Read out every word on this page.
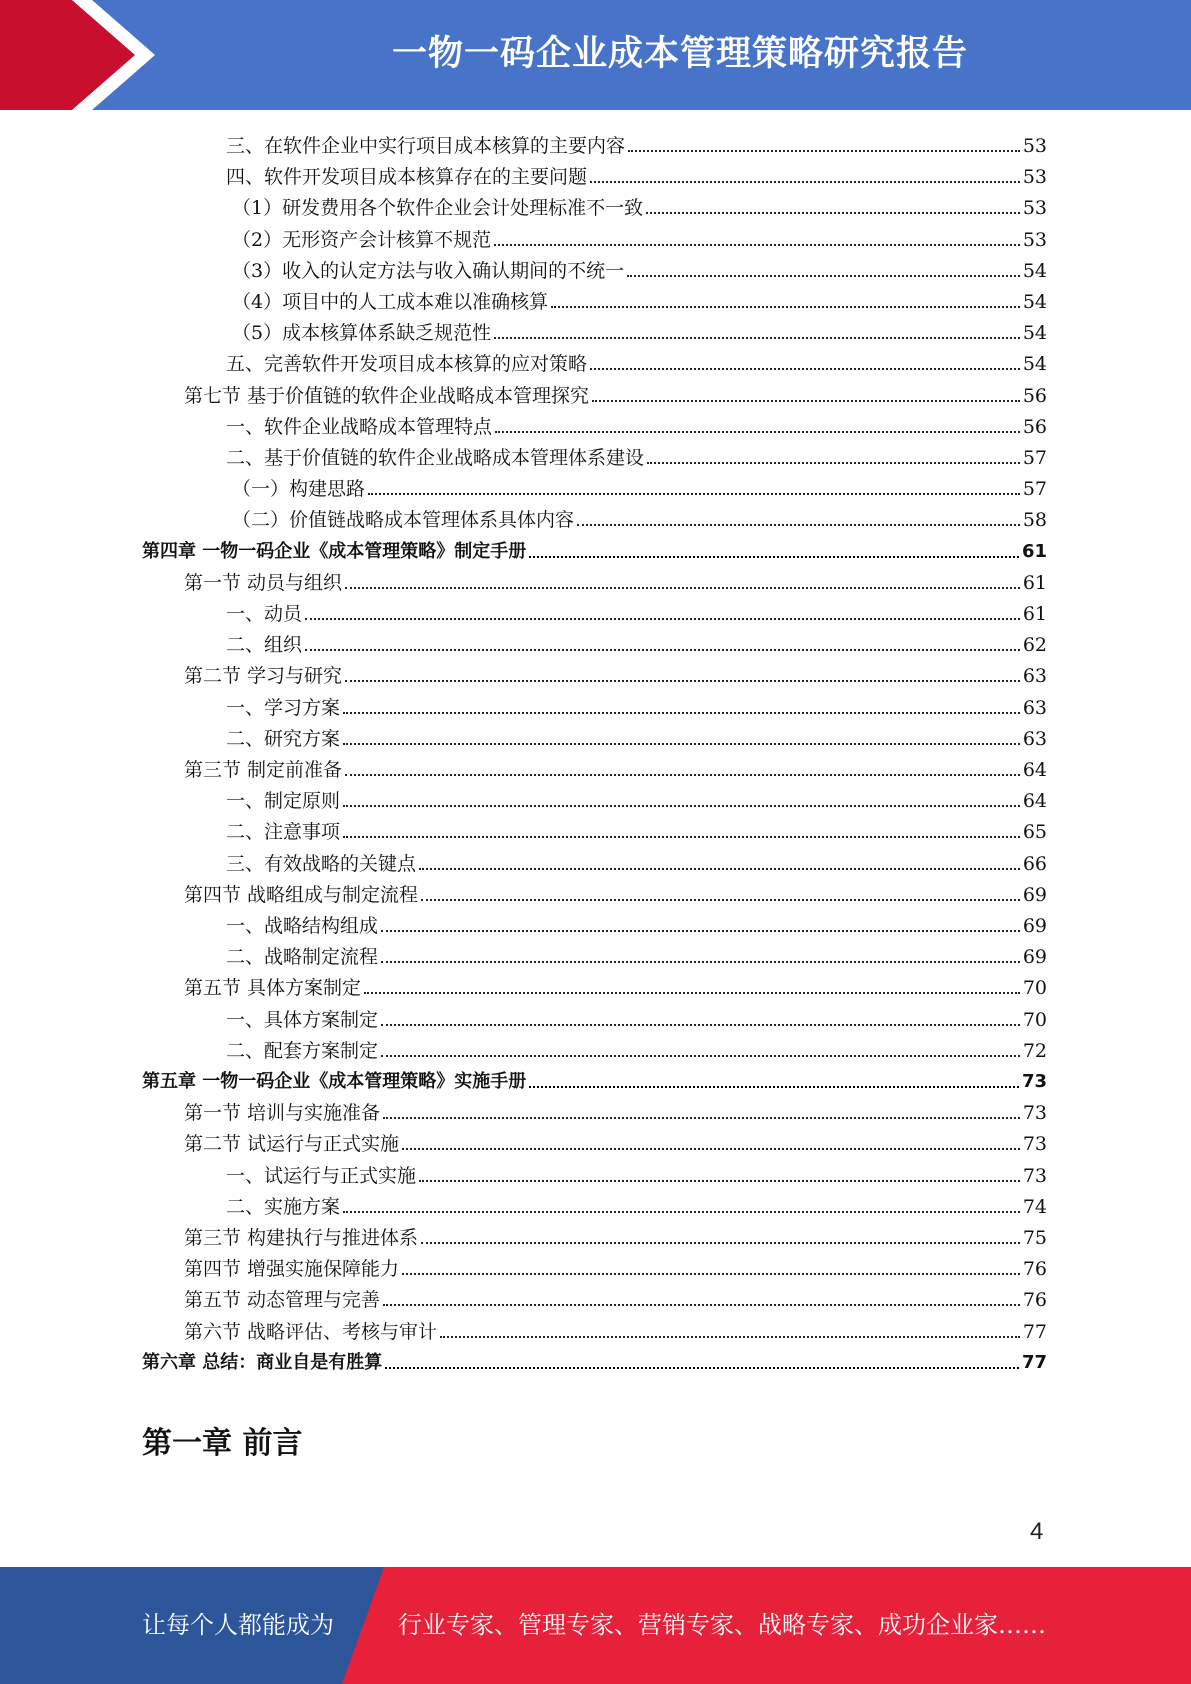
一物一码企业成本管理策略研究报告
三、在软件企业中实行项目成本核算的主要内容	53
四、软件开发项目成本核算存在的主要问题	53
（1）研发费用各个软件企业会计处理标准不一致	53
（2）无形资产会计核算不规范	53
（3）收入的认定方法与收入确认期间的不统一	54
（4）项目中的人工成本难以准确核算	54
（5）成本核算体系缺乏规范性	54
五、完善软件开发项目成本核算的应对策略	54
第七节 基于价值链的软件企业战略成本管理探究	56
一、软件企业战略成本管理特点	56
二、基于价值链的软件企业战略成本管理体系建设	57
（一）构建思路	57
（二）价值链战略成本管理体系具体内容	58
第四章 一物一码企业《成本管理策略》制定手册	61
第一节 动员与组织	61
一、动员	61
二、组织	62
第二节 学习与研究	63
一、学习方案	63
二、研究方案	63
第三节 制定前准备	64
一、制定原则	64
二、注意事项	65
三、有效战略的关键点	66
第四节 战略组成与制定流程	69
一、战略结构组成	69
二、战略制定流程	69
第五节 具体方案制定	70
一、具体方案制定	70
二、配套方案制定	72
第五章 一物一码企业《成本管理策略》实施手册	73
第一节 培训与实施准备	73
第二节 试运行与正式实施	73
一、试运行与正式实施	73
二、实施方案	74
第三节 构建执行与推进体系	75
第四节 增强实施保障能力	76
第五节 动态管理与完善	76
第六节 战略评估、考核与审计	77
第六章 总结：商业自是有胜算	77
第一章 前言
4
让每个人都能成为	行业专家、管理专家、营销专家、战略专家、成功企业家……
